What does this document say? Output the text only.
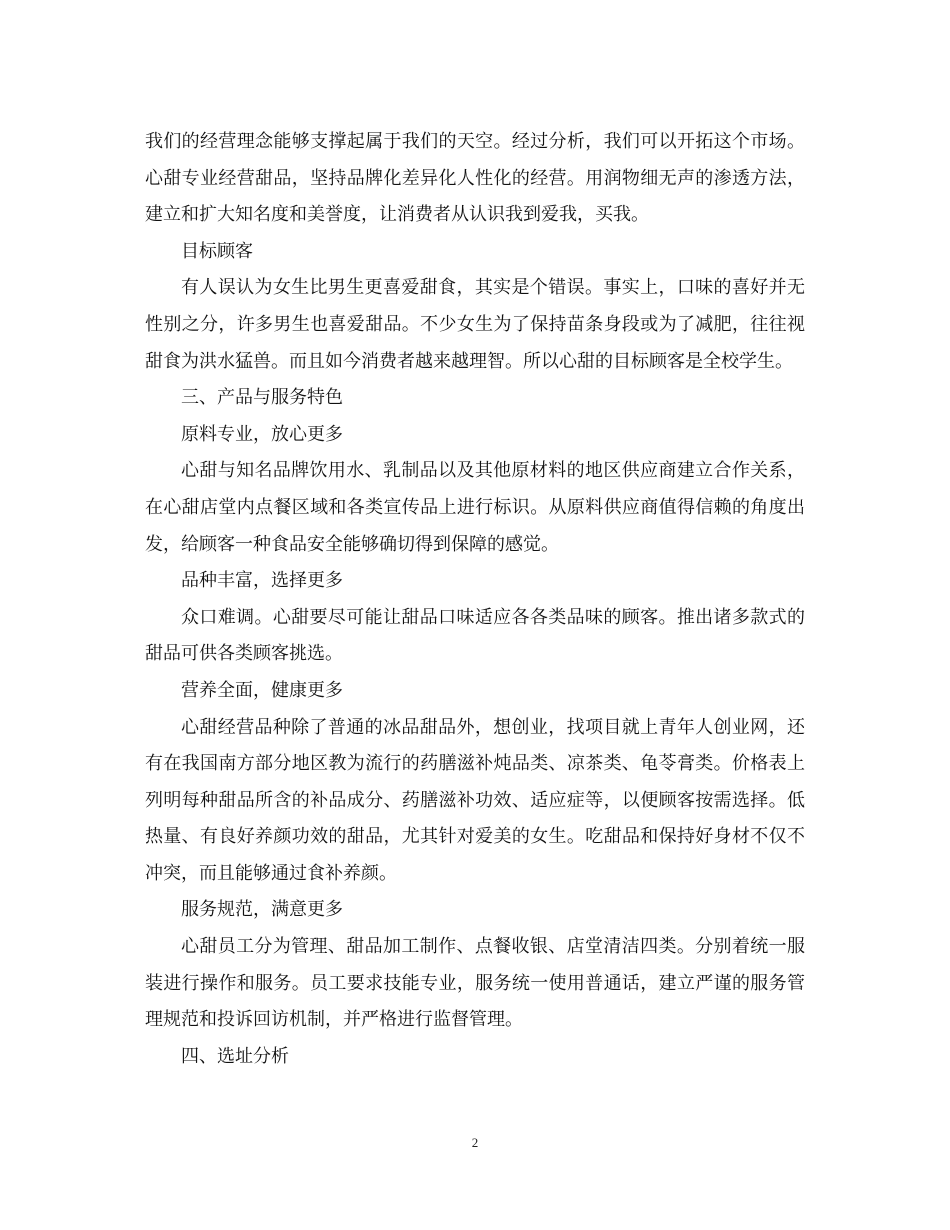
我们的经营理念能够支撑起属于我们的天空。经过分析，我们可以开拓这个市场。心甜专业经营甜品，坚持品牌化差异化人性化的经营。用润物细无声的渗透方法，建立和扩大知名度和美誉度，让消费者从认识我到爱我，买我。

目标顾客

有人误认为女生比男生更喜爱甜食，其实是个错误。事实上，口味的喜好并无性别之分，许多男生也喜爱甜品。不少女生为了保持苗条身段或为了减肥，往往视甜食为洪水猛兽。而且如今消费者越来越理智。所以心甜的目标顾客是全校学生。

三、产品与服务特色

原料专业，放心更多

心甜与知名品牌饮用水、乳制品以及其他原材料的地区供应商建立合作关系，在心甜店堂内点餐区域和各类宣传品上进行标识。从原料供应商值得信赖的角度出发，给顾客一种食品安全能够确切得到保障的感觉。

品种丰富，选择更多

众口难调。心甜要尽可能让甜品口味适应各各类品味的顾客。推出诸多款式的甜品可供各类顾客挑选。

营养全面，健康更多

心甜经营品种除了普通的冰品甜品外，想创业，找项目就上青年人创业网，还有在我国南方部分地区教为流行的药膳滋补炖品类、凉茶类、龟苓膏类。价格表上列明每种甜品所含的补品成分、药膳滋补功效、适应症等，以便顾客按需选择。低热量、有良好养颜功效的甜品，尤其针对爱美的女生。吃甜品和保持好身材不仅不冲突，而且能够通过食补养颜。

服务规范，满意更多

心甜员工分为管理、甜品加工制作、点餐收银、店堂清洁四类。分别着统一服装进行操作和服务。员工要求技能专业，服务统一使用普通话，建立严谨的服务管理规范和投诉回访机制，并严格进行监督管理。

四、选址分析

2
